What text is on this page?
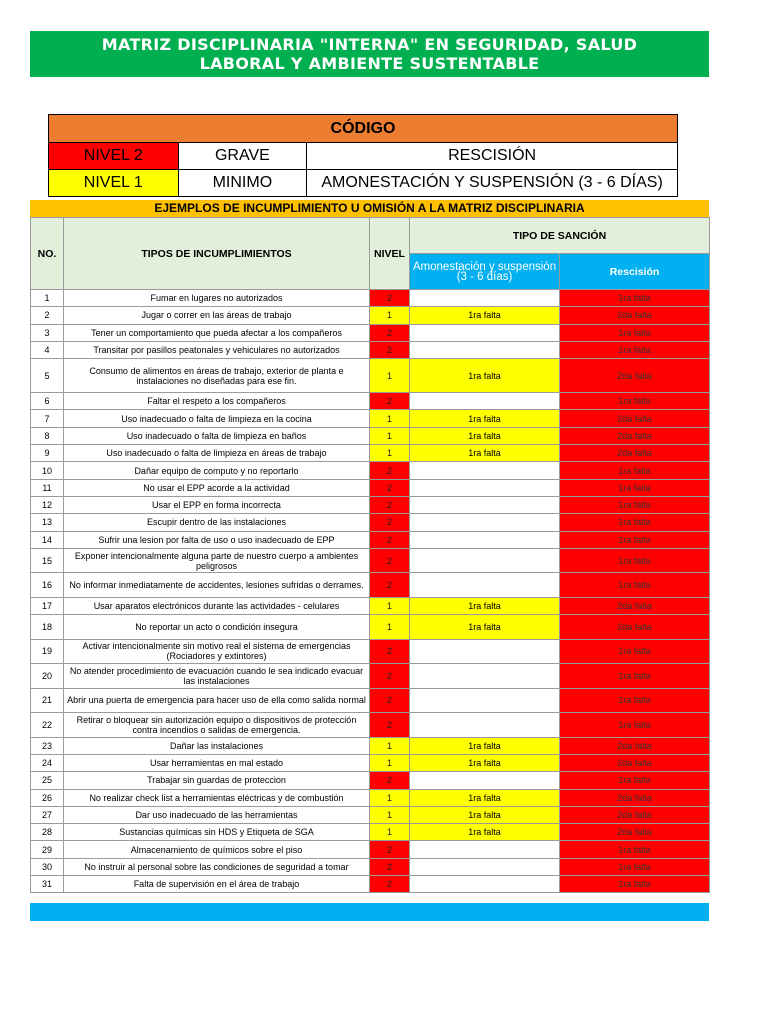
MATRIZ DISCIPLINARIA "INTERNA" EN SEGURIDAD, SALUD
LABORAL Y AMBIENTE SUSTENTABLE
CÓDIGO		
NIVEL 2	GRAVE	RESCISIÓN
NIVEL 1	MINIMO	AMONESTACIÓN Y SUSPENSIÓN (3 - 6 DÍAS)
EJEMPLOS DE INCUMPLIMIENTO U OMISIÓN A LA MATRIZ DISCIPLINARIA
NO.	TIPOS DE INCUMPLIMIENTOS	NIVEL	TIPO DE SANCIÓN	
			Amonestación y suspensión (3 - 6 días)	Rescisión
1	Fumar en lugares no autorizados	2		1ra falta
2	Jugar o correr en las áreas de trabajo	1	1ra falta	2da falta
3	Tener un comportamiento que pueda afectar a los compañeros	2		1ra falta
4	Transitar por pasillos peatonales y vehiculares no autorizados	2		1ra falta
5	Consumo de alimentos en áreas de trabajo, exterior de planta e instalaciones no diseñadas para ese fin.	1	1ra falta	2da falta
6	Faltar el respeto a los compañeros	2		1ra falta
7	Uso inadecuado o falta de limpieza en la cocina	1	1ra falta	2da falta
8	Uso inadecuado o falta de limpieza en baños	1	1ra falta	2da falta
9	Uso inadecuado o falta de limpieza en áreas de trabajo	1	1ra falta	2da falta
10	Dañar equipo de computo y no reportarlo	2		1ra falta
11	No usar el EPP acorde a la actividad	2		1ra falta
12	Usar el EPP en forma incorrecta	2		1ra falta
13	Escupir dentro de las instalaciones	2		1ra falta
14	Sufrir una lesion por falta de uso o uso inadecuado de EPP	2		1ra falta
15	Exponer intencionalmente alguna parte de nuestro cuerpo a ambientes peligrosos	2		1ra falta
16	No informar inmediatamente de accidentes, lesiones sufridas o derrames.	2		1ra falta
17	Usar aparatos electrónicos durante las actividades - celulares	1	1ra falta	2da falta
18	No reportar un acto o condición insegura	1	1ra falta	2da falta
19	Activar intencionalmente sin motivo real el sistema de emergencias (Rociadores y extintores)	2		1ra falta
20	No atender procedimiento de evacuación cuando le sea indicado evacuar las instalaciones	2		1ra falta
21	Abrir una puerta de emergencia para hacer uso de ella como salida normal	2		1ra falta
22	Retirar o bloquear sin autorización equipo o dispositivos de protección contra incendios o salidas de emergencia.	2		1ra falta
23	Dañar las instalaciones	1	1ra falta	2da falta
24	Usar herramientas en mal estado	1	1ra falta	2da falta
25	Trabajar sin guardas de proteccion	2		1ra falta
26	No realizar check list a herramientas eléctricas y de combustión	1	1ra falta	2da falta
27	Dar uso inadecuado de las herramientas	1	1ra falta	2da falta
28	Sustancias químicas sin HDS y Etiqueta de SGA	1	1ra falta	2da falta
29	Almacenamiento de químicos sobre el piso	2		1ra falta
30	No instruir al personal sobre las condiciones de seguridad a tomar	2		1ra falta
31	Falta de supervisión en el área de trabajo	2		1ra falta
